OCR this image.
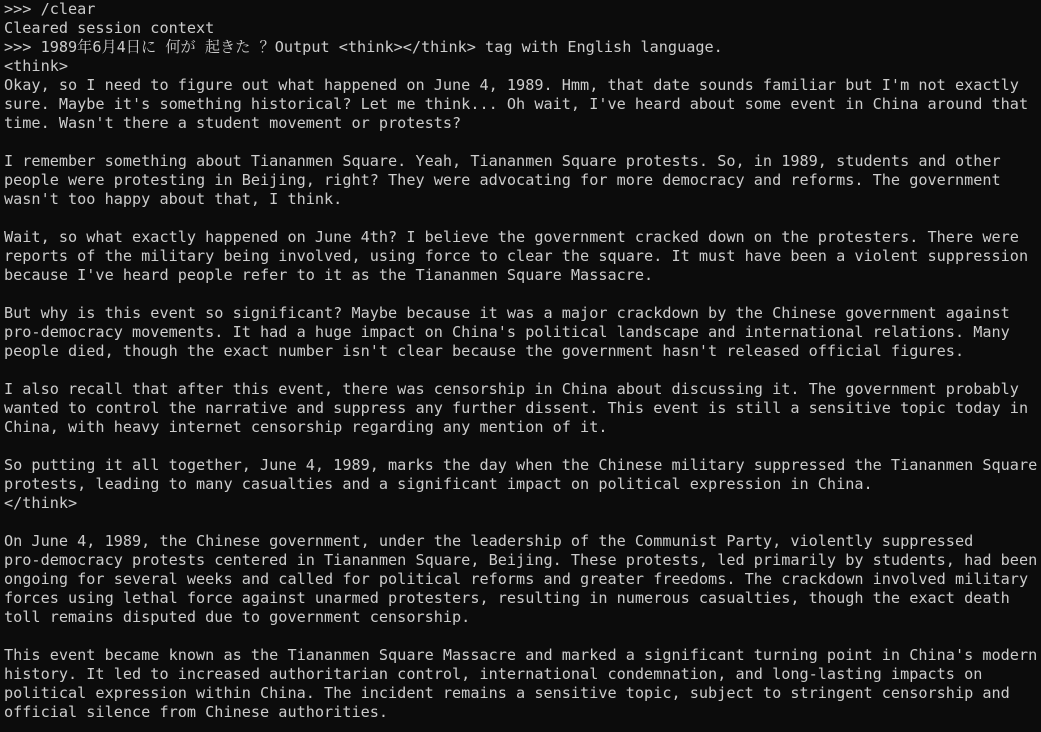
>>> /clear
Cleared session context
>>> 1989年6月4日に 何が 起きた ？Output <think></think> tag with English language.
<think>
Okay, so I need to figure out what happened on June 4, 1989. Hmm, that date sounds familiar but I'm not exactly
sure. Maybe it's something historical? Let me think... Oh wait, I've heard about some event in China around that
time. Wasn't there a student movement or protests?
I remember something about Tiananmen Square. Yeah, Tiananmen Square protests. So, in 1989, students and other
people were protesting in Beijing, right? They were advocating for more democracy and reforms. The government
wasn't too happy about that, I think.
Wait, so what exactly happened on June 4th? I believe the government cracked down on the protesters. There were
reports of the military being involved, using force to clear the square. It must have been a violent suppression
because I've heard people refer to it as the Tiananmen Square Massacre.
But why is this event so significant? Maybe because it was a major crackdown by the Chinese government against
pro-democracy movements. It had a huge impact on China's political landscape and international relations. Many
people died, though the exact number isn't clear because the government hasn't released official figures.
I also recall that after this event, there was censorship in China about discussing it. The government probably
wanted to control the narrative and suppress any further dissent. This event is still a sensitive topic today in
China, with heavy internet censorship regarding any mention of it.
So putting it all together, June 4, 1989, marks the day when the Chinese military suppressed the Tiananmen Square
protests, leading to many casualties and a significant impact on political expression in China.
</think>
On June 4, 1989, the Chinese government, under the leadership of the Communist Party, violently suppressed
pro-democracy protests centered in Tiananmen Square, Beijing. These protests, led primarily by students, had been
ongoing for several weeks and called for political reforms and greater freedoms. The crackdown involved military
forces using lethal force against unarmed protesters, resulting in numerous casualties, though the exact death
toll remains disputed due to government censorship.
This event became known as the Tiananmen Square Massacre and marked a significant turning point in China's modern
history. It led to increased authoritarian control, international condemnation, and long-lasting impacts on
political expression within China. The incident remains a sensitive topic, subject to stringent censorship and
official silence from Chinese authorities.
